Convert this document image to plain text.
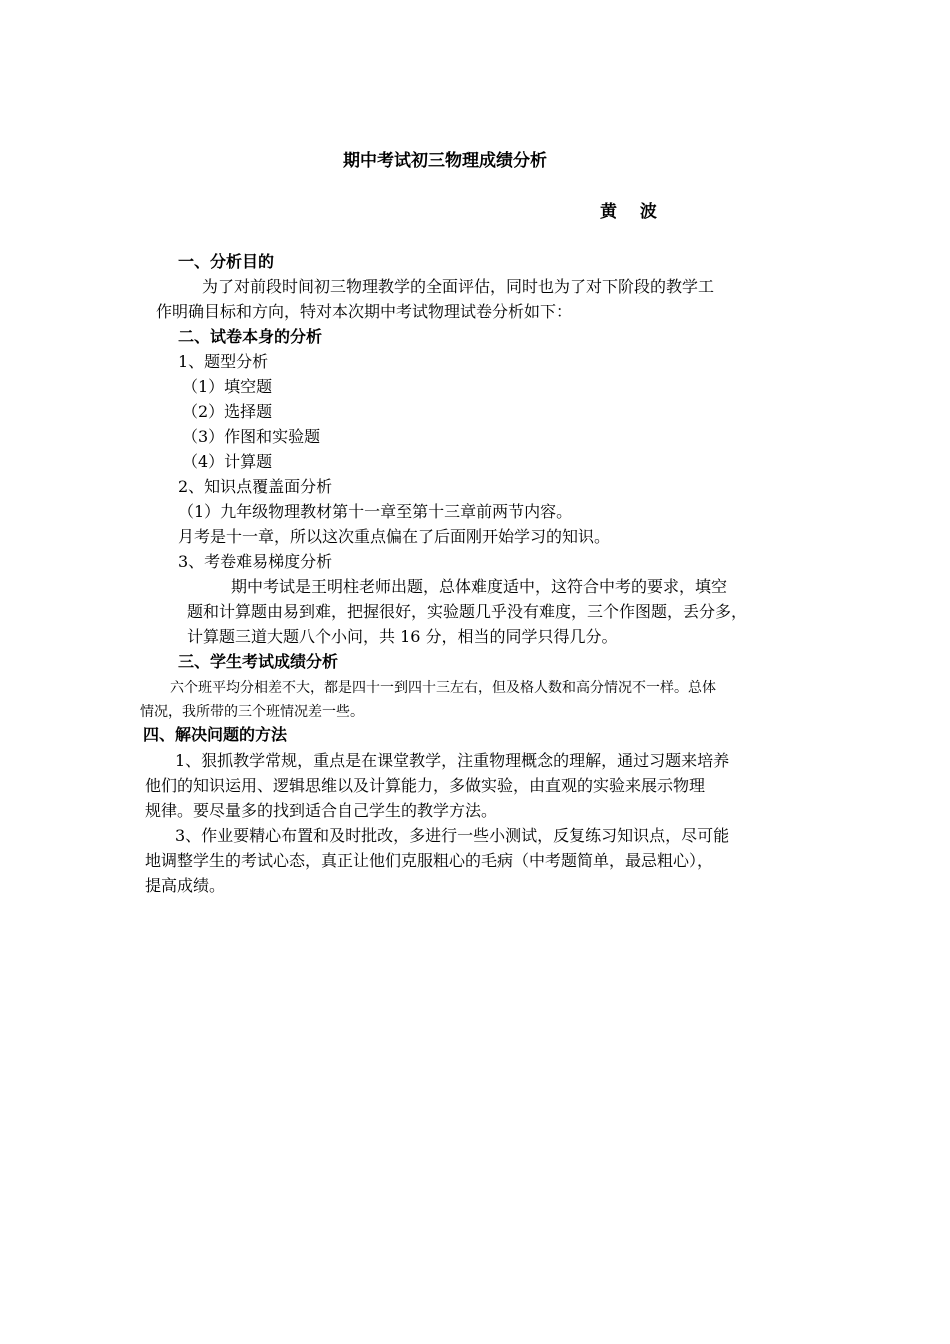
期中考试初三物理成绩分析
黄　 波
一、分析目的
为了对前段时间初三物理教学的全面评估，同时也为了对下阶段的教学工
作明确目标和方向，特对本次期中考试物理试卷分析如下：
二、试卷本身的分析
1、题型分析
（1）填空题
（2）选择题
（3）作图和实验题
（4）计算题
2、知识点覆盖面分析
（1）九年级物理教材第十一章至第十三章前两节内容。
月考是十一章，所以这次重点偏在了后面刚开始学习的知识。
3、考卷难易梯度分析
期中考试是王明柱老师出题，总体难度适中，这符合中考的要求，填空
题和计算题由易到难，把握很好，实验题几乎没有难度，三个作图题，丢分多，
计算题三道大题八个小问，共 16 分，相当的同学只得几分。
三、学生考试成绩分析
六个班平均分相差不大，都是四十一到四十三左右，但及格人数和高分情况不一样。总体
情况，我所带的三个班情况差一些。
四、解决问题的方法
1、狠抓教学常规，重点是在课堂教学，注重物理概念的理解，通过习题来培养
他们的知识运用、逻辑思维以及计算能力，多做实验，由直观的实验来展示物理
规律。要尽量多的找到适合自己学生的教学方法。
3、作业要精心布置和及时批改，多进行一些小测试，反复练习知识点，尽可能
地调整学生的考试心态，真正让他们克服粗心的毛病（中考题简单，最忌粗心），
提高成绩。
